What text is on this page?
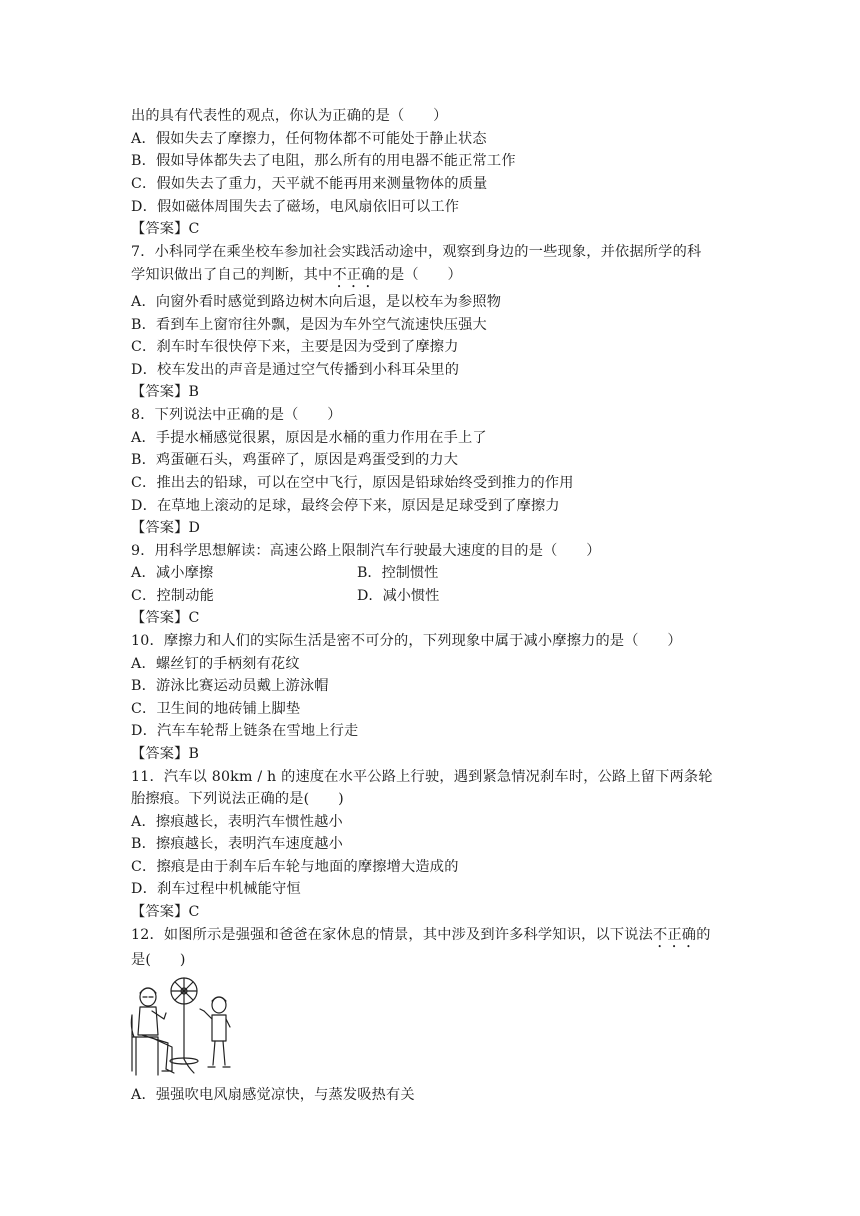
出的具有代表性的观点，你认为正确的是（　　）
A．假如失去了摩擦力，任何物体都不可能处于静止状态
B．假如导体都失去了电阻，那么所有的用电器不能正常工作
C．假如失去了重力，天平就不能再用来测量物体的质量
D．假如磁体周围失去了磁场，电风扇依旧可以工作
【答案】C
7．小科同学在乘坐校车参加社会实践活动途中，观察到身边的一些现象，并依据所学的科
学知识做出了自己的判断，其中不正确的是（　　）
A．向窗外看时感觉到路边树木向后退，是以校车为参照物
B．看到车上窗帘往外飘，是因为车外空气流速快压强大
C．刹车时车很快停下来，主要是因为受到了摩擦力
D．校车发出的声音是通过空气传播到小科耳朵里的
【答案】B
8．下列说法中正确的是（　　）
A．手提水桶感觉很累，原因是水桶的重力作用在手上了
B．鸡蛋砸石头，鸡蛋碎了，原因是鸡蛋受到的力大
C．推出去的铅球，可以在空中飞行，原因是铅球始终受到推力的作用
D．在草地上滚动的足球，最终会停下来，原因是足球受到了摩擦力
【答案】D
9．用科学思想解读：高速公路上限制汽车行驶最大速度的目的是（　　）
A．减小摩擦	B．控制惯性
C．控制动能	D．减小惯性
【答案】C
10．摩擦力和人们的实际生活是密不可分的，下列现象中属于减小摩擦力的是（　　）
A．螺丝钉的手柄刻有花纹
B．游泳比赛运动员戴上游泳帽
C．卫生间的地砖铺上脚垫
D．汽车车轮帮上链条在雪地上行走
【答案】B
11．汽车以 80km / h 的速度在水平公路上行驶，遇到紧急情况刹车时，公路上留下两条轮
胎擦痕。下列说法正确的是(　　)
A．擦痕越长，表明汽车惯性越小
B．擦痕越长，表明汽车速度越小
C．擦痕是由于刹车后车轮与地面的摩擦增大造成的
D．刹车过程中机械能守恒
【答案】C
12．如图所示是强强和爸爸在家休息的情景，其中涉及到许多科学知识，以下说法不正确的
是(　　)
A．强强吹电风扇感觉凉快，与蒸发吸热有关
